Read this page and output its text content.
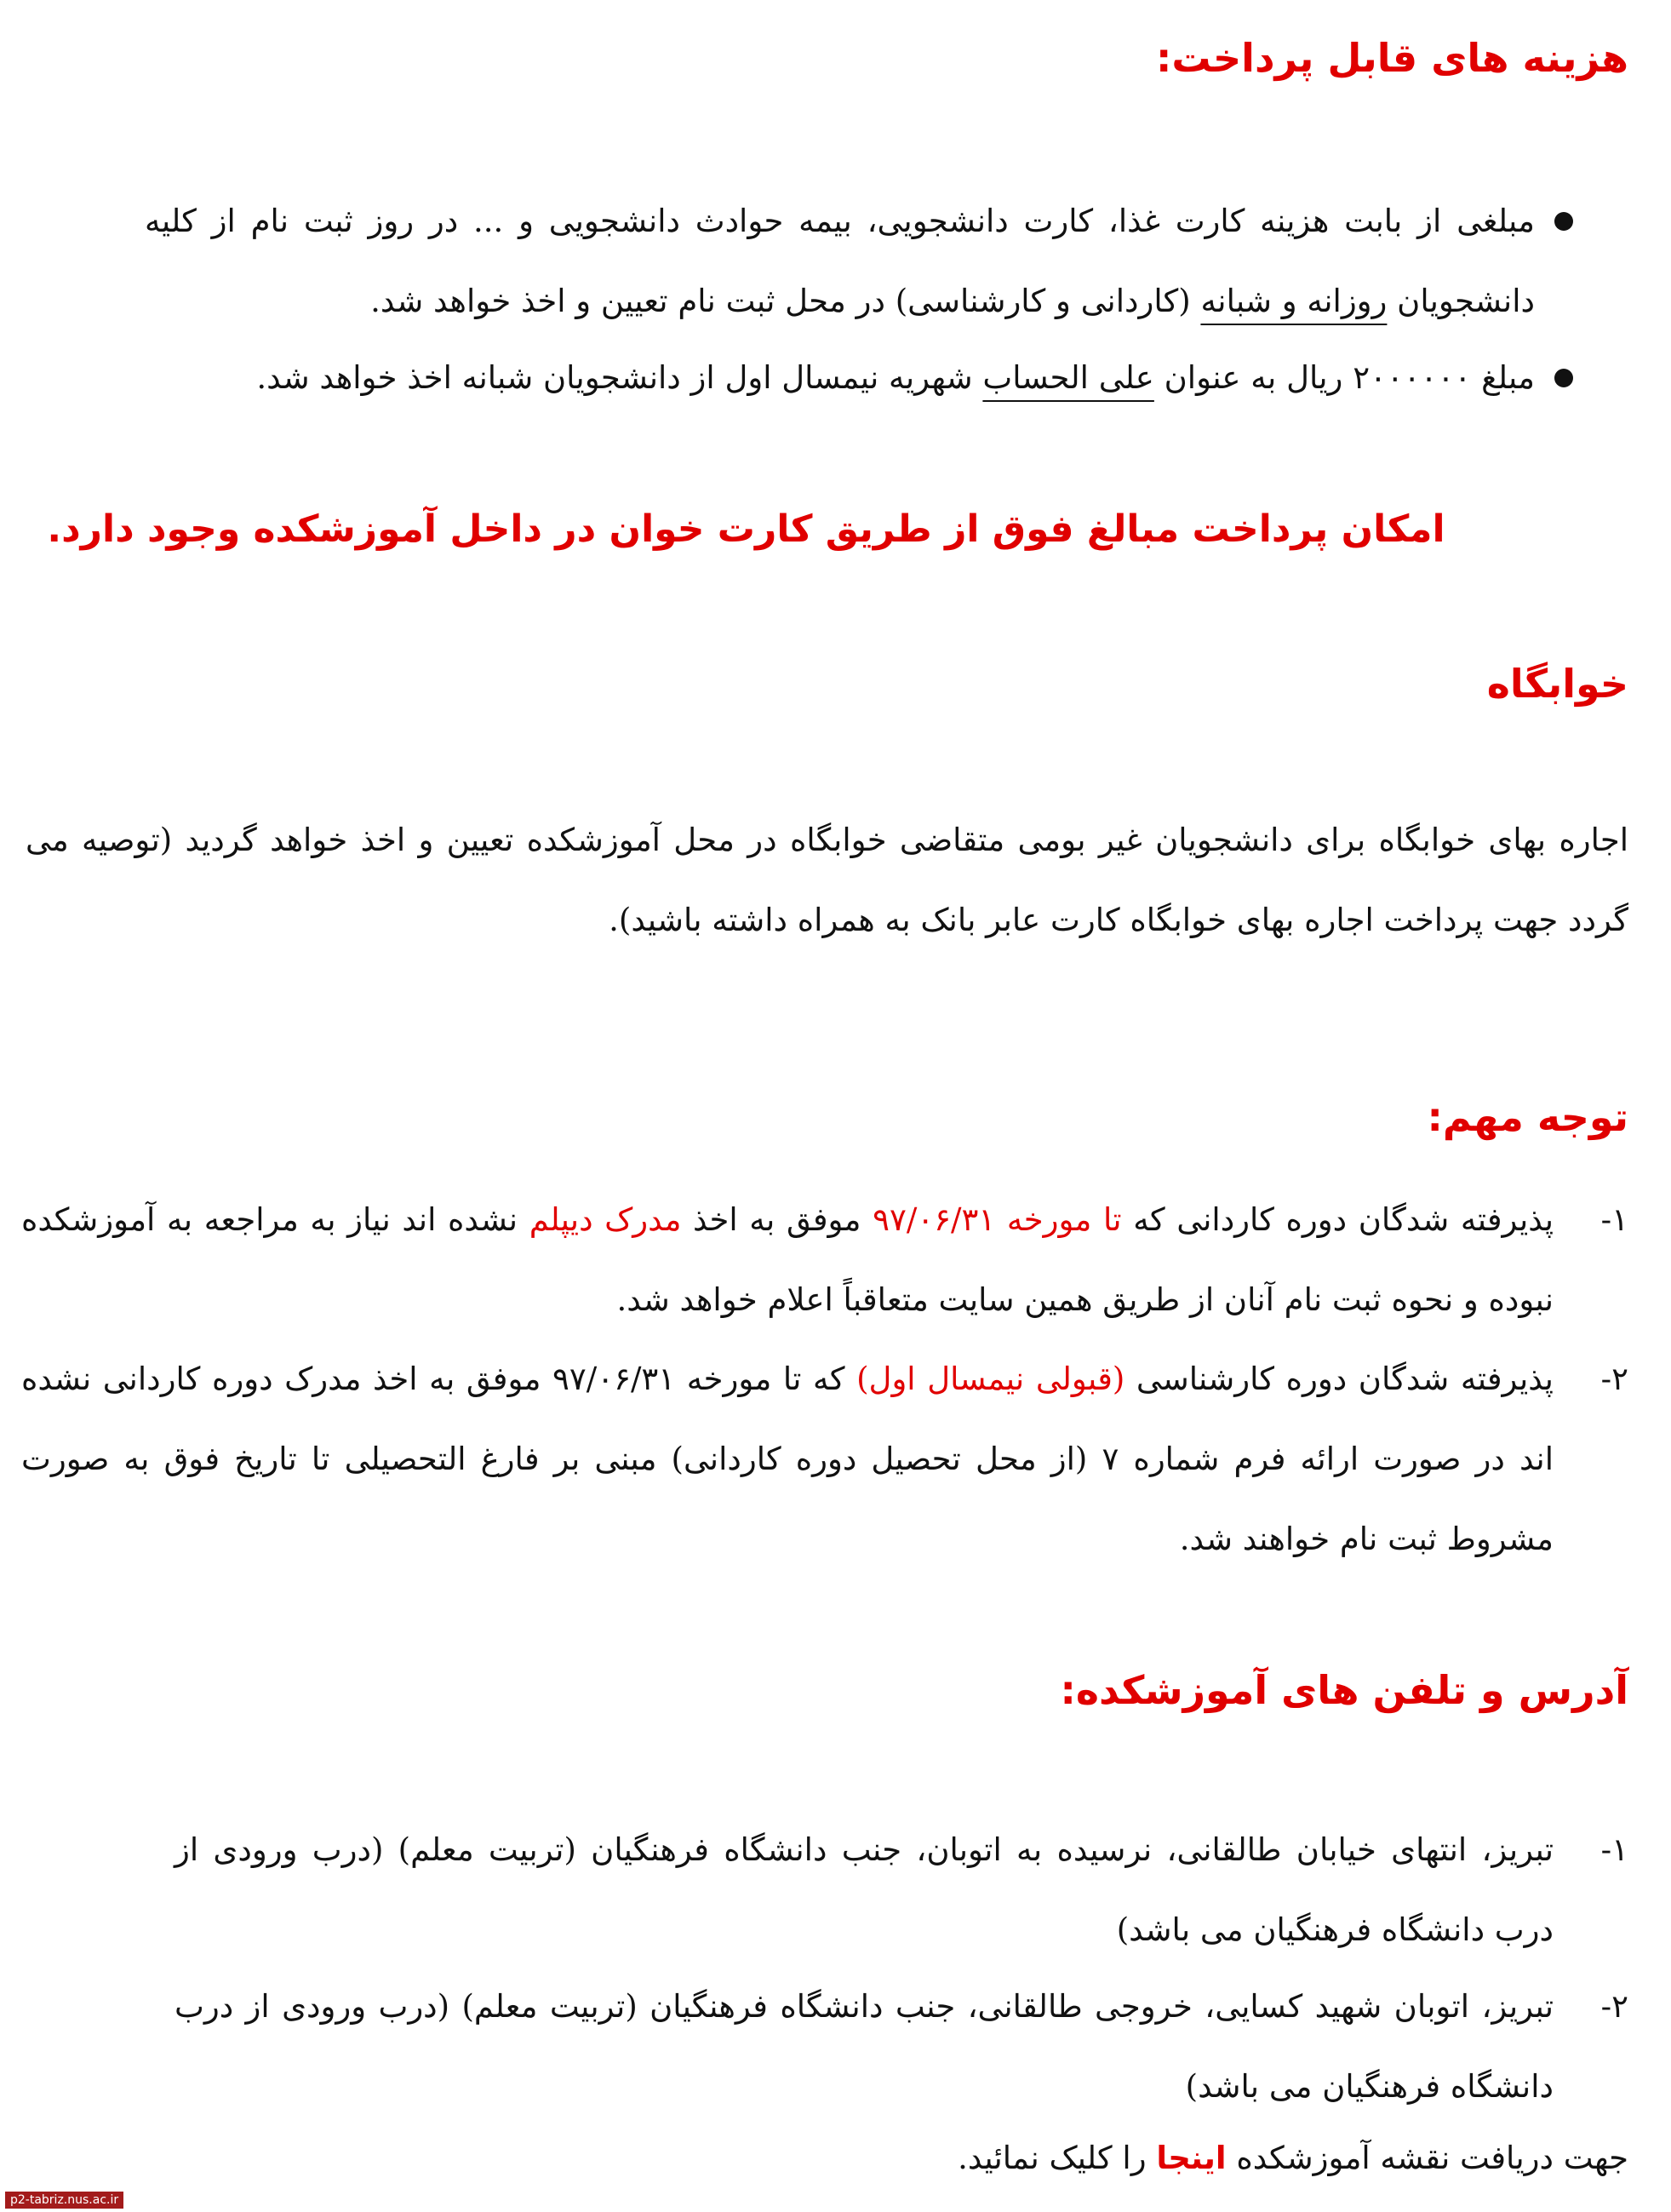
هزینه های قابل پرداخت:
مبلغی از بابت هزینه کارت غذا، کارت دانشجویی، بیمه حوادث دانشجویی و ... در روز ثبت نام از کلیه دانشجویان روزانه و شبانه (کاردانی و کارشناسی) در محل ثبت نام تعیین و اخذ خواهد شد.
مبلغ ۲۰۰۰۰۰۰ ریال به عنوان علی الحساب شهریه نیمسال اول از دانشجویان شبانه اخذ خواهد شد.
امکان پرداخت مبالغ فوق از طریق کارت خوان در داخل آموزشکده وجود دارد.
خوابگاه
اجاره بهای خوابگاه برای دانشجویان غیر بومی متقاضی خوابگاه در محل آموزشکده تعیین و اخذ خواهد گردید (توصیه می گردد جهت پرداخت اجاره بهای خوابگاه کارت عابر بانک به همراه داشته باشید).
توجه مهم:
۱-
پذیرفته شدگان دوره کاردانی که تا مورخه ۹۷/۰۶/۳۱ موفق به اخذ مدرک دیپلم نشده اند نیاز به مراجعه به آموزشکده نبوده و نحوه ثبت نام آنان از طریق همین سایت متعاقباً اعلام خواهد شد.
۲-
پذیرفته شدگان دوره کارشناسی (قبولی نیمسال اول) که تا مورخه ۹۷/۰۶/۳۱ موفق به اخذ مدرک دوره کاردانی نشده اند در صورت ارائه فرم شماره ۷ (از محل تحصیل دوره کاردانی) مبنی بر فارغ التحصیلی تا تاریخ فوق به صورت مشروط ثبت نام خواهند شد.
آدرس و تلفن های آموزشکده:
۱-
تبریز، انتهای خیابان طالقانی، نرسیده به اتوبان، جنب دانشگاه فرهنگیان (تربیت معلم) (درب ورودی از درب دانشگاه فرهنگیان می باشد)
۲-
تبریز، اتوبان شهید کسایی، خروجی طالقانی، جنب دانشگاه فرهنگیان (تربیت معلم) (درب ورودی از درب دانشگاه فرهنگیان می باشد)
جهت دریافت نقشه آموزشکده اینجا را کلیک نمائید.
p2-tabriz.nus.ac.ir
